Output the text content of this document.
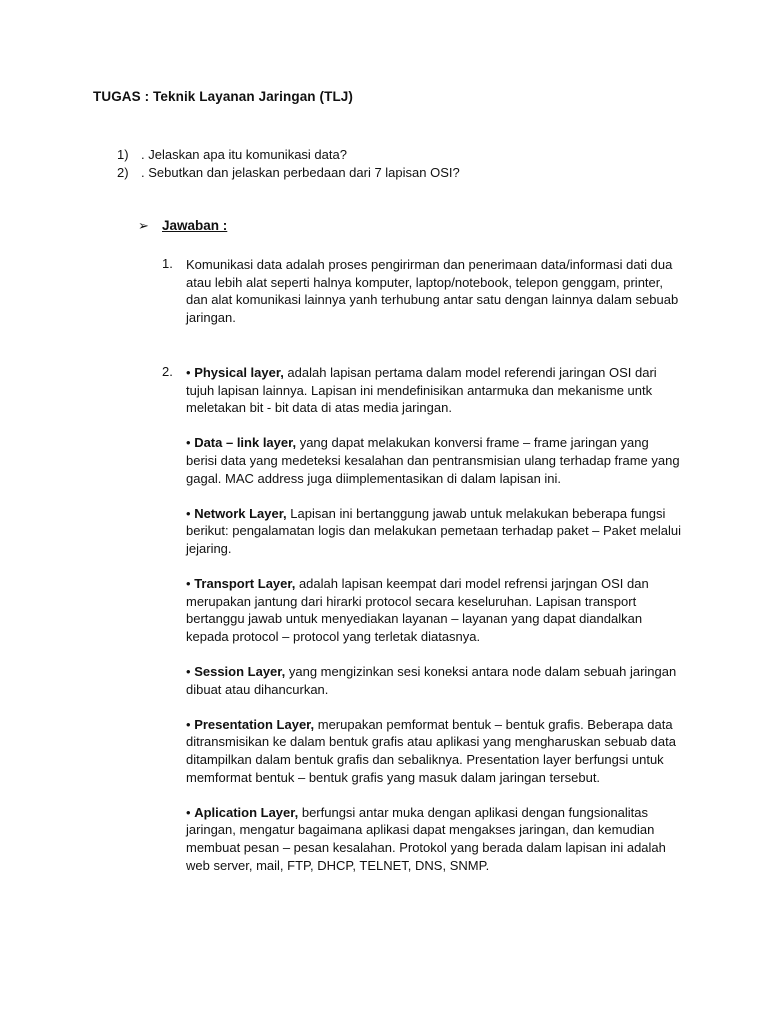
TUGAS : Teknik Layanan Jaringan (TLJ)
1) . Jelaskan apa itu komunikasi data?
2) . Sebutkan dan jelaskan perbedaan dari 7 lapisan OSI?
➢ Jawaban :
1. Komunikasi data adalah proses pengirirman dan penerimaan data/informasi dati dua atau lebih alat seperti halnya komputer, laptop/notebook, telepon genggam, printer, dan alat komunikasi lainnya yanh terhubung antar satu dengan lainnya dalam sebuab jaringan.

2. • Physical layer, adalah lapisan pertama dalam model referendi jaringan OSI dari tujuh lapisan lainnya. Lapisan ini mendefinisikan antarmuka dan mekanisme untk meletakan bit - bit data di atas media jaringan.

• Data – link layer, yang dapat melakukan konversi frame – frame jaringan yang berisi data yang medeteksi kesalahan dan pentransmisian ulang terhadap frame yang gagal. MAC address juga diimplementasikan di dalam lapisan ini.

• Network Layer, Lapisan ini bertanggung jawab untuk melakukan beberapa fungsi berikut: pengalamatan logis dan melakukan pemetaan terhadap paket – Paket melalui jejaring.

• Transport Layer, adalah lapisan keempat dari model refrensi jarjngan OSI dan merupakan jantung dari hirarki protocol secara keseluruhan. Lapisan transport bertanggu jawab untuk menyediakan layanan – layanan yang dapat diandalkan kepada protocol – protocol yang terletak diatasnya.

• Session Layer, yang mengizinkan sesi koneksi antara node dalam sebuah jaringan dibuat atau dihancurkan.

• Presentation Layer, merupakan pemformat bentuk – bentuk grafis. Beberapa data ditransmisikan ke dalam bentuk grafis atau aplikasi yang mengharuskan sebuab data ditampilkan dalam bentuk grafis dan sebaliknya. Presentation layer berfungsi untuk memformat bentuk – bentuk grafis yang masuk dalam jaringan tersebut.

• Aplication Layer, berfungsi antar muka dengan aplikasi dengan fungsionalitas jaringan, mengatur bagaimana aplikasi dapat mengakses jaringan, dan kemudian membuat pesan – pesan kesalahan. Protokol yang berada dalam lapisan ini adalah web server, mail, FTP, DHCP, TELNET, DNS, SNMP.
